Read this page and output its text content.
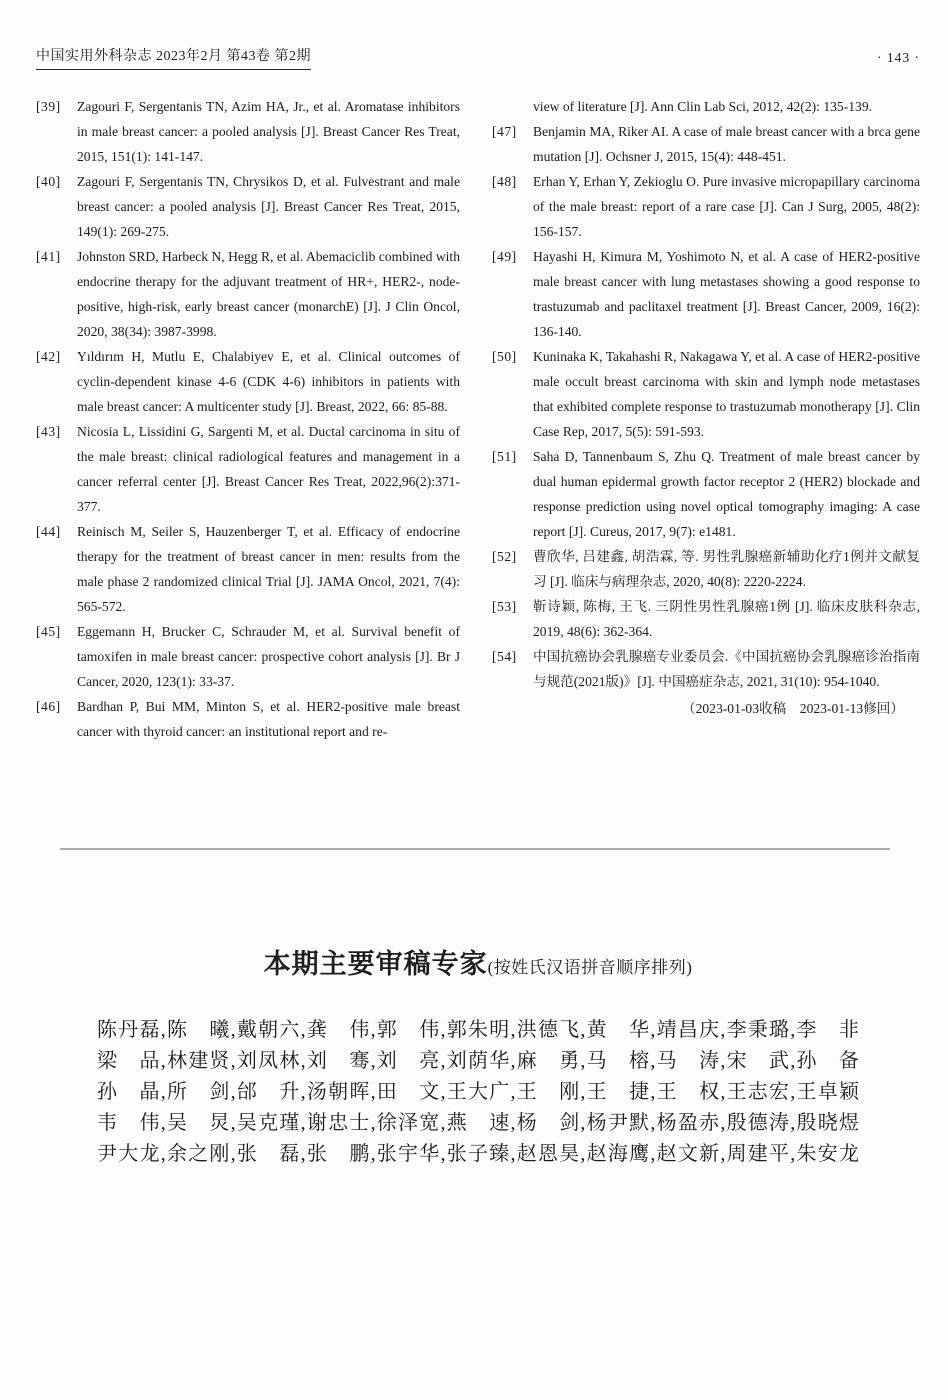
中国实用外科杂志 2023年2月 第43卷 第2期	· 143 ·
[39] Zagouri F, Sergentanis TN, Azim HA, Jr., et al. Aromatase inhibitors in male breast cancer: a pooled analysis [J]. Breast Cancer Res Treat, 2015, 151(1): 141-147.
[40] Zagouri F, Sergentanis TN, Chrysikos D, et al. Fulvestrant and male breast cancer: a pooled analysis [J]. Breast Cancer Res Treat, 2015, 149(1): 269-275.
[41] Johnston SRD, Harbeck N, Hegg R, et al. Abemaciclib combined with endocrine therapy for the adjuvant treatment of HR+, HER2-, node-positive, high-risk, early breast cancer (monarchE) [J]. J Clin Oncol, 2020, 38(34): 3987-3998.
[42] Yıldırım H, Mutlu E, Chalabiyev E, et al. Clinical outcomes of cyclin-dependent kinase 4-6 (CDK 4-6) inhibitors in patients with male breast cancer: A multicenter study [J]. Breast, 2022, 66: 85-88.
[43] Nicosia L, Lissidini G, Sargenti M, et al. Ductal carcinoma in situ of the male breast: clinical radiological features and management in a cancer referral center [J]. Breast Cancer Res Treat, 2022,96(2):371-377.
[44] Reinisch M, Seiler S, Hauzenberger T, et al. Efficacy of endocrine therapy for the treatment of breast cancer in men: results from the male phase 2 randomized clinical Trial [J]. JAMA Oncol, 2021, 7(4): 565-572.
[45] Eggemann H, Brucker C, Schrauder M, et al. Survival benefit of tamoxifen in male breast cancer: prospective cohort analysis [J]. Br J Cancer, 2020, 123(1): 33-37.
[46] Bardhan P, Bui MM, Minton S, et al. HER2-positive male breast cancer with thyroid cancer: an institutional report and re-
view of literature [J]. Ann Clin Lab Sci, 2012, 42(2): 135-139.
[47] Benjamin MA, Riker AI. A case of male breast cancer with a brca gene mutation [J]. Ochsner J, 2015, 15(4): 448-451.
[48] Erhan Y, Erhan Y, Zekioglu O. Pure invasive micropapillary carcinoma of the male breast: report of a rare case [J]. Can J Surg, 2005, 48(2): 156-157.
[49] Hayashi H, Kimura M, Yoshimoto N, et al. A case of HER2-positive male breast cancer with lung metastases showing a good response to trastuzumab and paclitaxel treatment [J]. Breast Cancer, 2009, 16(2): 136-140.
[50] Kuninaka K, Takahashi R, Nakagawa Y, et al. A case of HER2-positive male occult breast carcinoma with skin and lymph node metastases that exhibited complete response to trastuzumab monotherapy [J]. Clin Case Rep, 2017, 5(5): 591-593.
[51] Saha D, Tannenbaum S, Zhu Q. Treatment of male breast cancer by dual human epidermal growth factor receptor 2 (HER2) blockade and response prediction using novel optical tomography imaging: A case report [J]. Cureus, 2017, 9(7): e1481.
[52] 曹欣华, 吕建鑫, 胡浩霖, 等. 男性乳腺癌新辅助化疗1例并文献复习 [J]. 临床与病理杂志, 2020, 40(8): 2220-2224.
[53] 靳诗颖, 陈梅, 王飞. 三阴性男性乳腺癌1例 [J]. 临床皮肤科杂志, 2019, 48(6): 362-364.
[54] 中国抗癌协会乳腺癌专业委员会.《中国抗癌协会乳腺癌诊治指南与规范(2021版)》[J]. 中国癌症杂志, 2021, 31(10): 954-1040.
（2023-01-03收稿　2023-01-13修回）
本期主要审稿专家(按姓氏汉语拼音顺序排列)
陈丹磊,陈　曦,戴朝六,龚　伟,郭　伟,郭朱明,洪德飞,黄　华,靖昌庆,李秉璐,李　非
梁　品,林建贤,刘凤林,刘　骞,刘　亮,刘荫华,麻　勇,马　榕,马　涛,宋　武,孙　备
孙　晶,所　剑,邰　升,汤朝晖,田　文,王大广,王　刚,王　捷,王　权,王志宏,王卓颖
韦　伟,吴　炅,吴克瑾,谢忠士,徐泽宽,燕　速,杨　剑,杨尹默,杨盈赤,殷德涛,殷晓煜
尹大龙,余之刚,张　磊,张　鹏,张宇华,张子臻,赵恩昊,赵海鹰,赵文新,周建平,朱安龙
